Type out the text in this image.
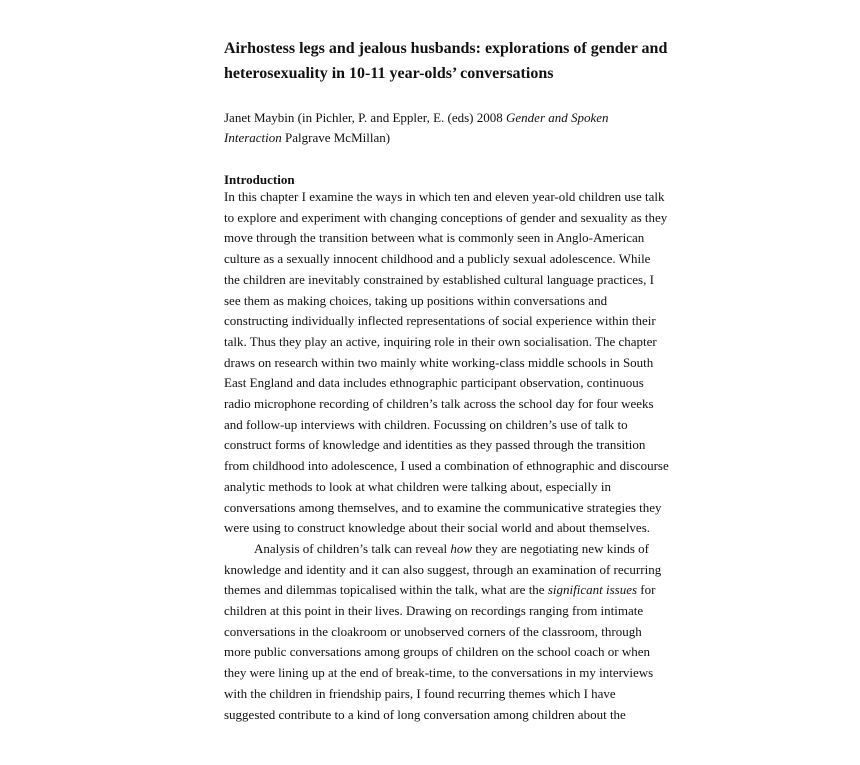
Airhostess legs and jealous husbands: explorations of gender and
heterosexuality in 10-11 year-olds’ conversations
Janet Maybin (in Pichler, P. and Eppler, E. (eds) 2008 Gender and Spoken
Interaction Palgrave McMillan)
Introduction
In this chapter I examine the ways in which ten and eleven year-old children use talk
to explore and experiment with changing conceptions of gender and sexuality as they
move through the transition between what is commonly seen in Anglo-American
culture as a sexually innocent childhood and a publicly sexual adolescence. While
the children are inevitably constrained by established cultural language practices, I
see them as making choices, taking up positions within conversations and
constructing individually inflected representations of social experience within their
talk. Thus they play an active, inquiring role in their own socialisation. The chapter
draws on research within two mainly white working-class middle schools in South
East England and data includes ethnographic participant observation, continuous
radio microphone recording of children’s talk across the school day for four weeks
and follow-up interviews with children. Focussing on children’s use of talk to
construct forms of knowledge and identities as they passed through the transition
from childhood into adolescence, I used a combination of ethnographic and discourse
analytic methods to look at what children were talking about, especially in
conversations among themselves, and to examine the communicative strategies they
were using to construct knowledge about their social world and about themselves.
Analysis of children’s talk can reveal how they are negotiating new kinds of
knowledge and identity and it can also suggest, through an examination of recurring
themes and dilemmas topicalised within the talk, what are the significant issues for
children at this point in their lives. Drawing on recordings ranging from intimate
conversations in the cloakroom or unobserved corners of the classroom, through
more public conversations among groups of children on the school coach or when
they were lining up at the end of break-time, to the conversations in my interviews
with the children in friendship pairs, I found recurring themes which I have
suggested contribute to a kind of long conversation among children about the
